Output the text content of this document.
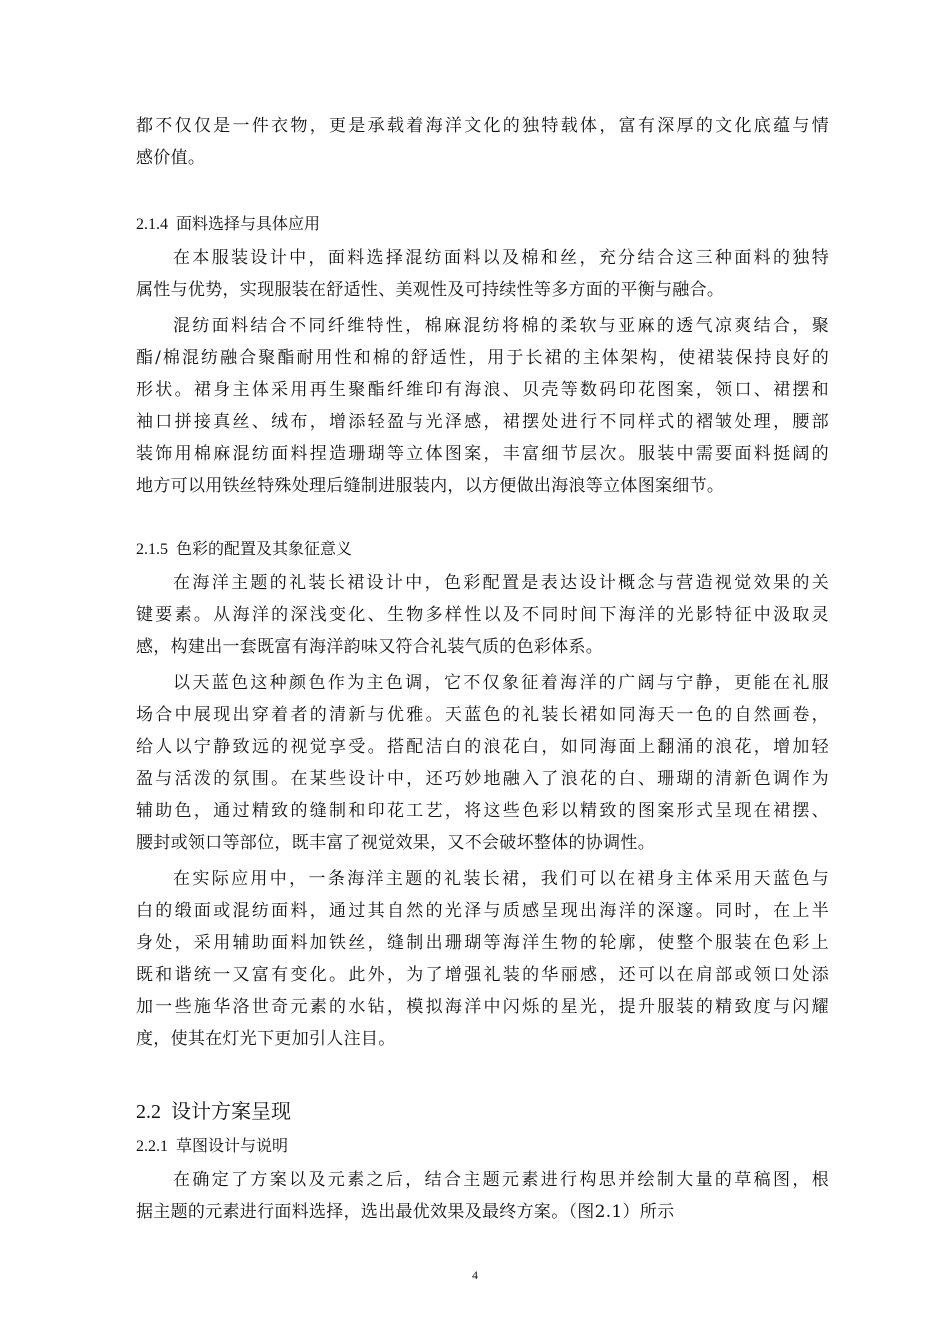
都不仅仅是一件衣物，更是承载着海洋文化的独特载体，富有深厚的文化底蕴与情
感价值。
2.1.4 面料选择与具体应用
在本服装设计中，面料选择混纺面料以及棉和丝，充分结合这三种面料的独特
属性与优势，实现服装在舒适性、美观性及可持续性等多方面的平衡与融合。
混纺面料结合不同纤维特性，棉麻混纺将棉的柔软与亚麻的透气凉爽结合，聚
酯/棉混纺融合聚酯耐用性和棉的舒适性，用于长裙的主体架构，使裙装保持良好的
形状。裙身主体采用再生聚酯纤维印有海浪、贝壳等数码印花图案，领口、裙摆和
袖口拼接真丝、绒布，增添轻盈与光泽感，裙摆处进行不同样式的褶皱处理，腰部
装饰用棉麻混纺面料捏造珊瑚等立体图案，丰富细节层次。服装中需要面料挺阔的
地方可以用铁丝特殊处理后缝制进服装内，以方便做出海浪等立体图案细节。
2.1.5 色彩的配置及其象征意义
在海洋主题的礼装长裙设计中，色彩配置是表达设计概念与营造视觉效果的关
键要素。从海洋的深浅变化、生物多样性以及不同时间下海洋的光影特征中汲取灵
感，构建出一套既富有海洋韵味又符合礼装气质的色彩体系。
以天蓝色这种颜色作为主色调，它不仅象征着海洋的广阔与宁静，更能在礼服
场合中展现出穿着者的清新与优雅。天蓝色的礼装长裙如同海天一色的自然画卷，
给人以宁静致远的视觉享受。搭配洁白的浪花白，如同海面上翻涌的浪花，增加轻
盈与活泼的氛围。在某些设计中，还巧妙地融入了浪花的白、珊瑚的清新色调作为
辅助色，通过精致的缝制和印花工艺，将这些色彩以精致的图案形式呈现在裙摆、
腰封或领口等部位，既丰富了视觉效果，又不会破坏整体的协调性。
在实际应用中，一条海洋主题的礼装长裙，我们可以在裙身主体采用天蓝色与
白的缎面或混纺面料，通过其自然的光泽与质感呈现出海洋的深邃。同时，在上半
身处，采用辅助面料加铁丝，缝制出珊瑚等海洋生物的轮廓，使整个服装在色彩上
既和谐统一又富有变化。此外，为了增强礼装的华丽感，还可以在肩部或领口处添
加一些施华洛世奇元素的水钻，模拟海洋中闪烁的星光，提升服装的精致度与闪耀
度，使其在灯光下更加引人注目。
2.2 设计方案呈现
2.2.1 草图设计与说明
在确定了方案以及元素之后，结合主题元素进行构思并绘制大量的草稿图，根
据主题的元素进行面料选择，选出最优效果及最终方案。（图2.1）所示
4
